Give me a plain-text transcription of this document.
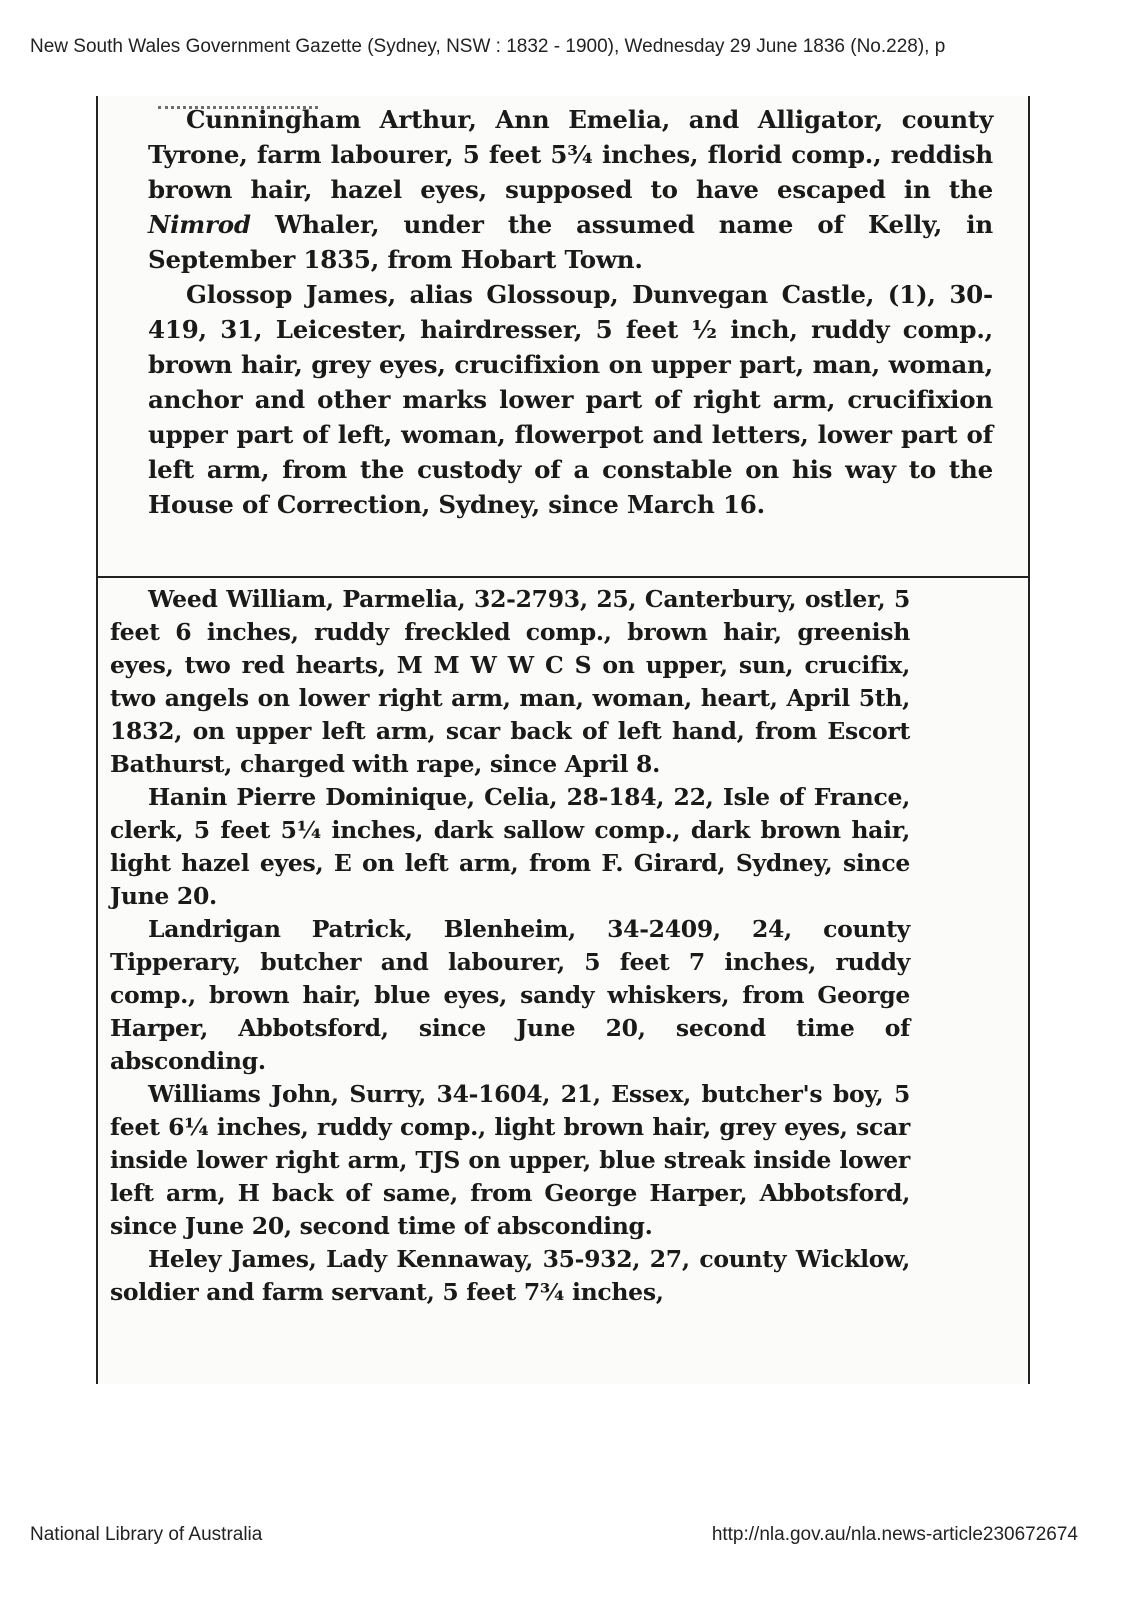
New South Wales Government Gazette (Sydney, NSW : 1832 - 1900), Wednesday 29 June 1836 (No.228), p

Cunningham Arthur, Ann Emelia, and Alligator, county Tyrone, farm labourer, 5 feet 5¾ inches, florid comp., reddish brown hair, hazel eyes, supposed to have escaped in the Nimrod Whaler, under the assumed name of Kelly, in September 1835, from Hobart Town.

Glossop James, alias Glossoup, Dunvegan Castle, (1), 30-419, 31, Leicester, hairdresser, 5 feet ½ inch, ruddy comp., brown hair, grey eyes, crucifixion on upper part, man, woman, anchor and other marks lower part of right arm, crucifixion upper part of left, woman, flowerpot and letters, lower part of left arm, from the custody of a constable on his way to the House of Correction, Sydney, since March 16.

Weed William, Parmelia, 32-2793, 25, Canterbury, ostler, 5 feet 6 inches, ruddy freckled comp., brown hair, greenish eyes, two red hearts, M M W W C S on upper, sun, crucifix, two angels on lower right arm, man, woman, heart, April 5th, 1832, on upper left arm, scar back of left hand, from Escort Bathurst, charged with rape, since April 8.

Hanin Pierre Dominique, Celia, 28-184, 22, Isle of France, clerk, 5 feet 5¼ inches, dark sallow comp., dark brown hair, light hazel eyes, E on left arm, from F. Girard, Sydney, since June 20.

Landrigan Patrick, Blenheim, 34-2409, 24, county Tipperary, butcher and labourer, 5 feet 7 inches, ruddy comp., brown hair, blue eyes, sandy whiskers, from George Harper, Abbotsford, since June 20, second time of absconding.

Williams John, Surry, 34-1604, 21, Essex, butcher's boy, 5 feet 6¼ inches, ruddy comp., light brown hair, grey eyes, scar inside lower right arm, TJS on upper, blue streak inside lower left arm, H back of same, from George Harper, Abbotsford, since June 20, second time of absconding.

Heley James, Lady Kennaway, 35-932, 27, county Wicklow, soldier and farm servant, 5 feet 7¾ inches,

National Library of Australia	http://nla.gov.au/nla.news-article230672674
